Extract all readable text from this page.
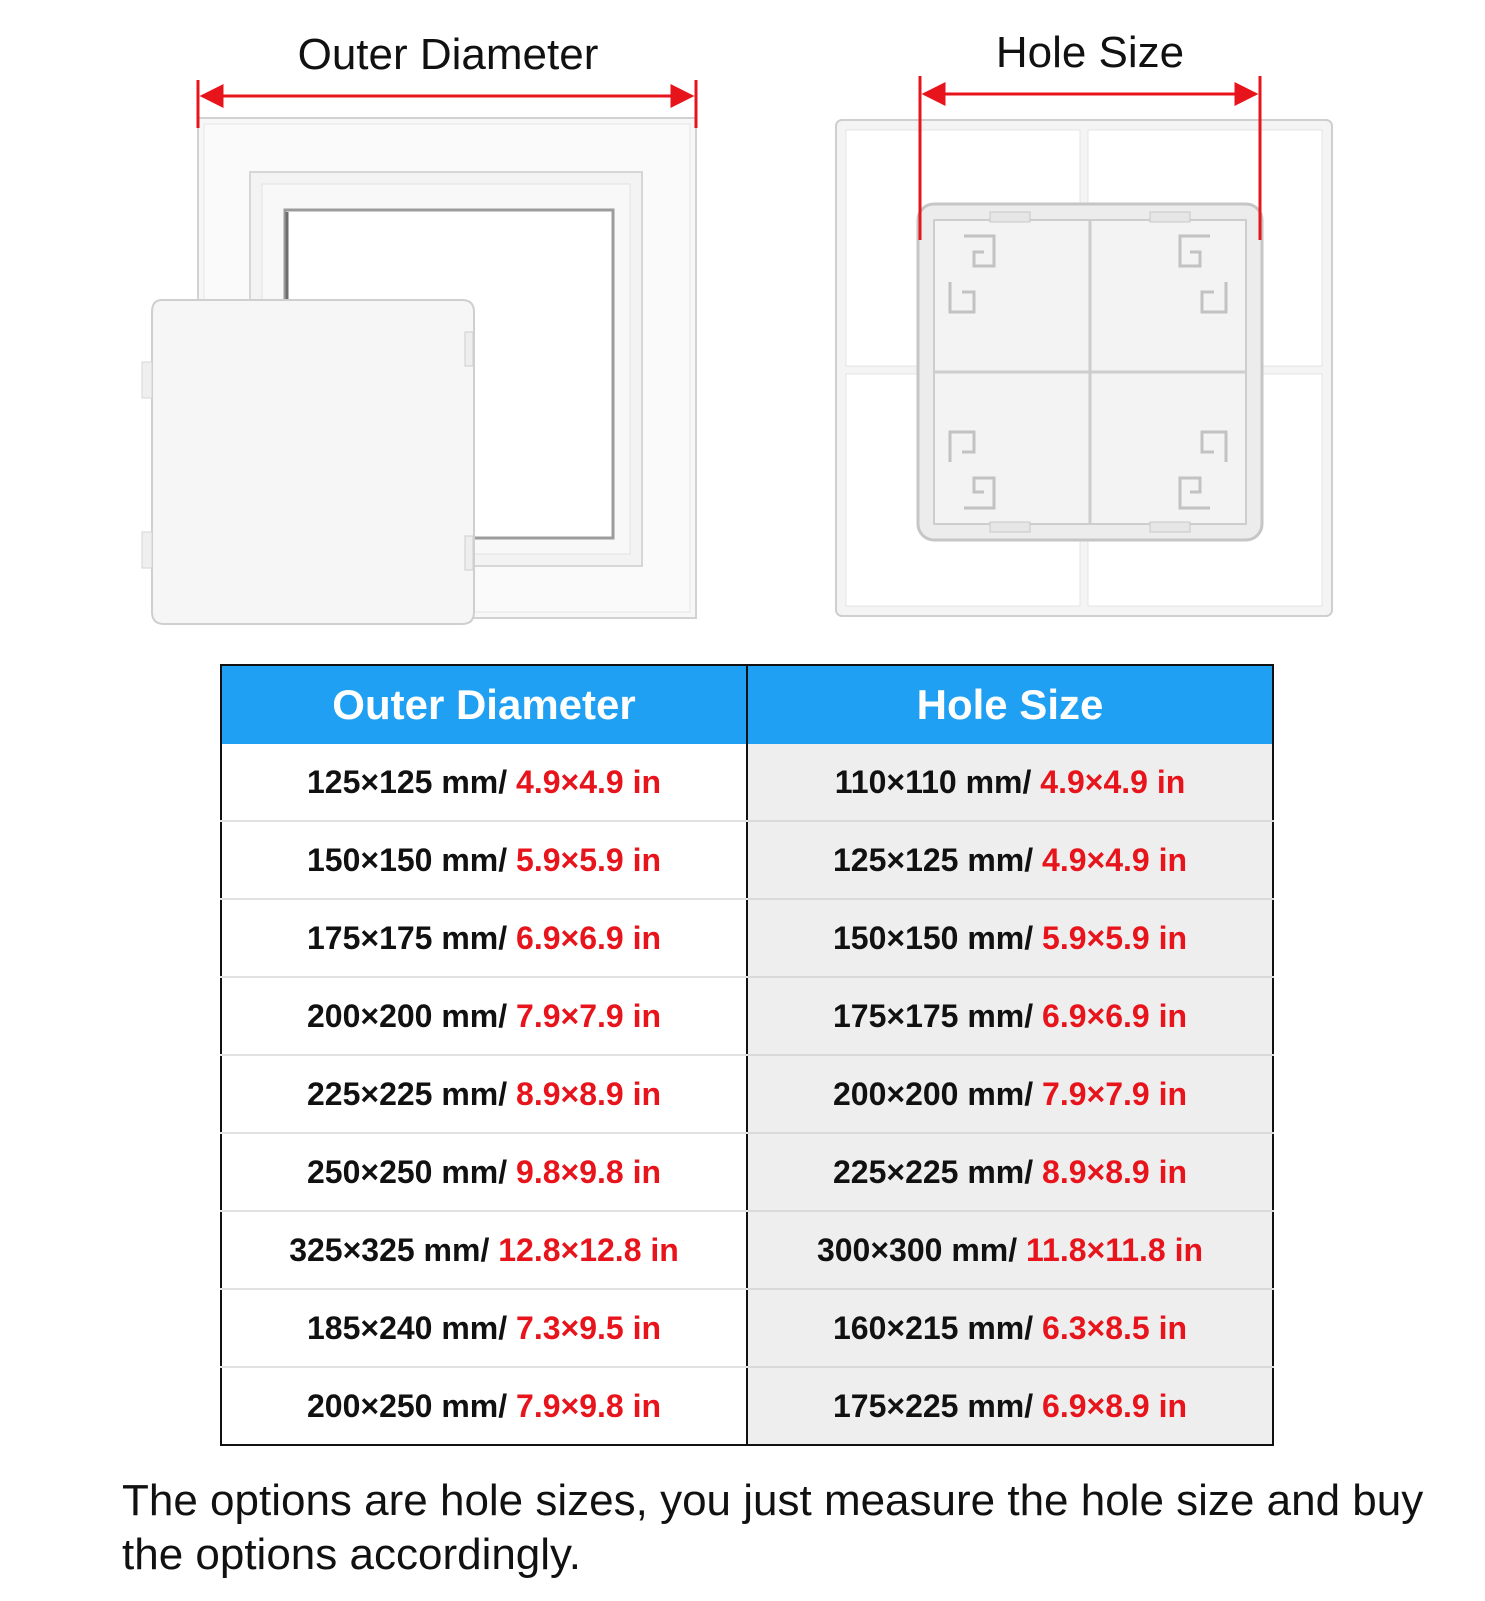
Outer Diameter	Hole Size
Outer Diameter	Hole Size
125×125 mm/ 4.9×4.9 in	110×110 mm/ 4.9×4.9 in
150×150 mm/ 5.9×5.9 in	125×125 mm/ 4.9×4.9 in
175×175 mm/ 6.9×6.9 in	150×150 mm/ 5.9×5.9 in
200×200 mm/ 7.9×7.9 in	175×175 mm/ 6.9×6.9 in
225×225 mm/ 8.9×8.9 in	200×200 mm/ 7.9×7.9 in
250×250 mm/ 9.8×9.8 in	225×225 mm/ 8.9×8.9 in
325×325 mm/ 12.8×12.8 in	300×300 mm/ 11.8×11.8 in
185×240 mm/ 7.3×9.5 in	160×215 mm/ 6.3×8.5 in
200×250 mm/ 7.9×9.8 in	175×225 mm/ 6.9×8.9 in
The options are hole sizes, you just measure the hole size and buy the options accordingly.
